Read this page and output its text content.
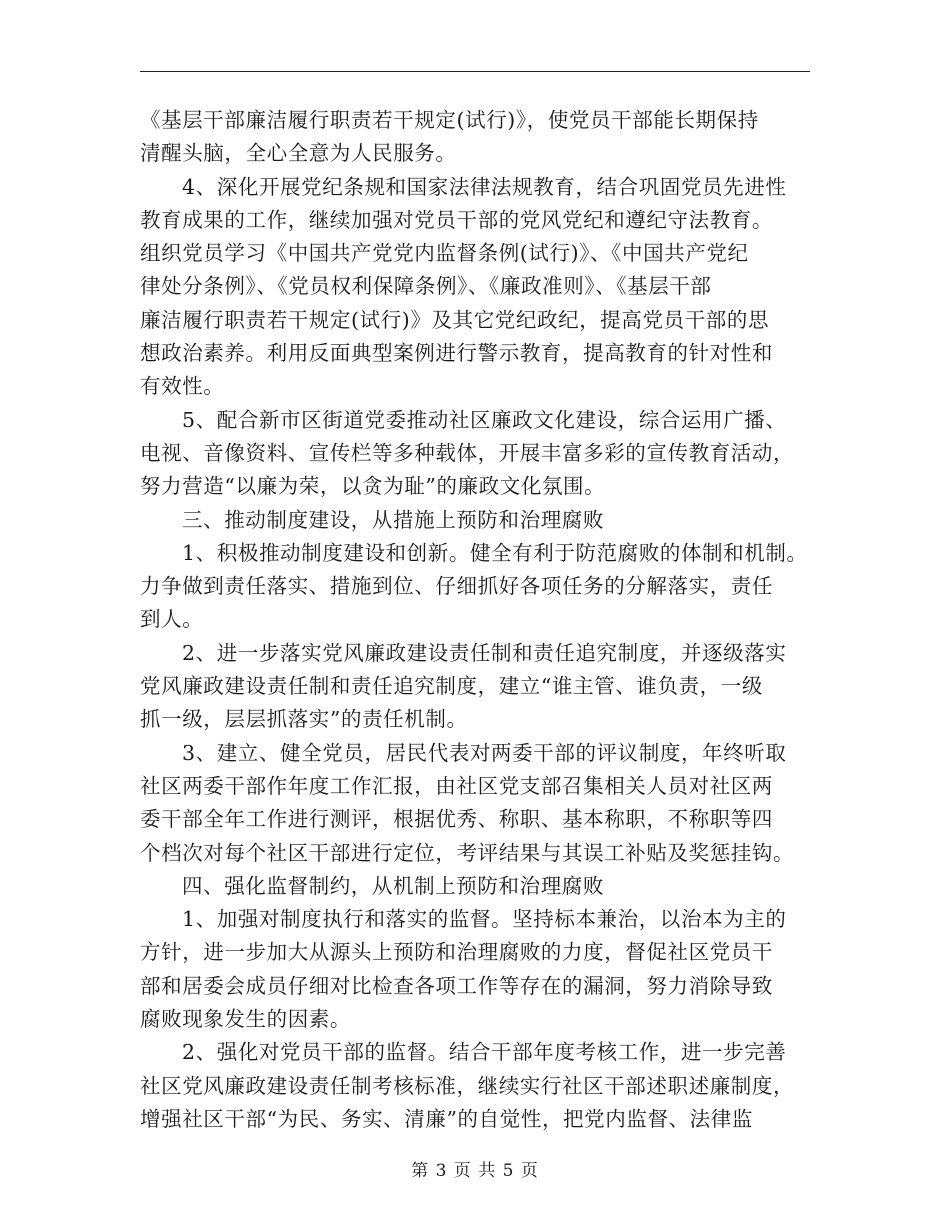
《基层干部廉洁履行职责若干规定(试行)》，使党员干部能长期保持
清醒头脑，全心全意为人民服务。
4、深化开展党纪条规和国家法律法规教育，结合巩固党员先进性
教育成果的工作，继续加强对党员干部的党风党纪和遵纪守法教育。
组织党员学习《中国共产党党内监督条例(试行)》、《中国共产党纪
律处分条例》、《党员权利保障条例》、《廉政准则》、《基层干部
廉洁履行职责若干规定(试行)》及其它党纪政纪，提高党员干部的思
想政治素养。利用反面典型案例进行警示教育，提高教育的针对性和
有效性。
5、配合新市区街道党委推动社区廉政文化建设，综合运用广播、
电视、音像资料、宣传栏等多种载体，开展丰富多彩的宣传教育活动，
努力营造“以廉为荣，以贪为耻”的廉政文化氛围。
三、推动制度建设，从措施上预防和治理腐败
1、积极推动制度建设和创新。健全有利于防范腐败的体制和机制。
力争做到责任落实、措施到位、仔细抓好各项任务的分解落实，责任
到人。
2、进一步落实党风廉政建设责任制和责任追究制度，并逐级落实
党风廉政建设责任制和责任追究制度，建立“谁主管、谁负责，一级
抓一级，层层抓落实”的责任机制。
3、建立、健全党员，居民代表对两委干部的评议制度，年终听取
社区两委干部作年度工作汇报，由社区党支部召集相关人员对社区两
委干部全年工作进行测评，根据优秀、称职、基本称职，不称职等四
个档次对每个社区干部进行定位，考评结果与其误工补贴及奖惩挂钩。
四、强化监督制约，从机制上预防和治理腐败
1、加强对制度执行和落实的监督。坚持标本兼治，以治本为主的
方针，进一步加大从源头上预防和治理腐败的力度，督促社区党员干
部和居委会成员仔细对比检查各项工作等存在的漏洞，努力消除导致
腐败现象发生的因素。
2、强化对党员干部的监督。结合干部年度考核工作，进一步完善
社区党风廉政建设责任制考核标准，继续实行社区干部述职述廉制度，
增强社区干部“为民、务实、清廉”的自觉性，把党内监督、法律监
第 3 页 共 5 页
